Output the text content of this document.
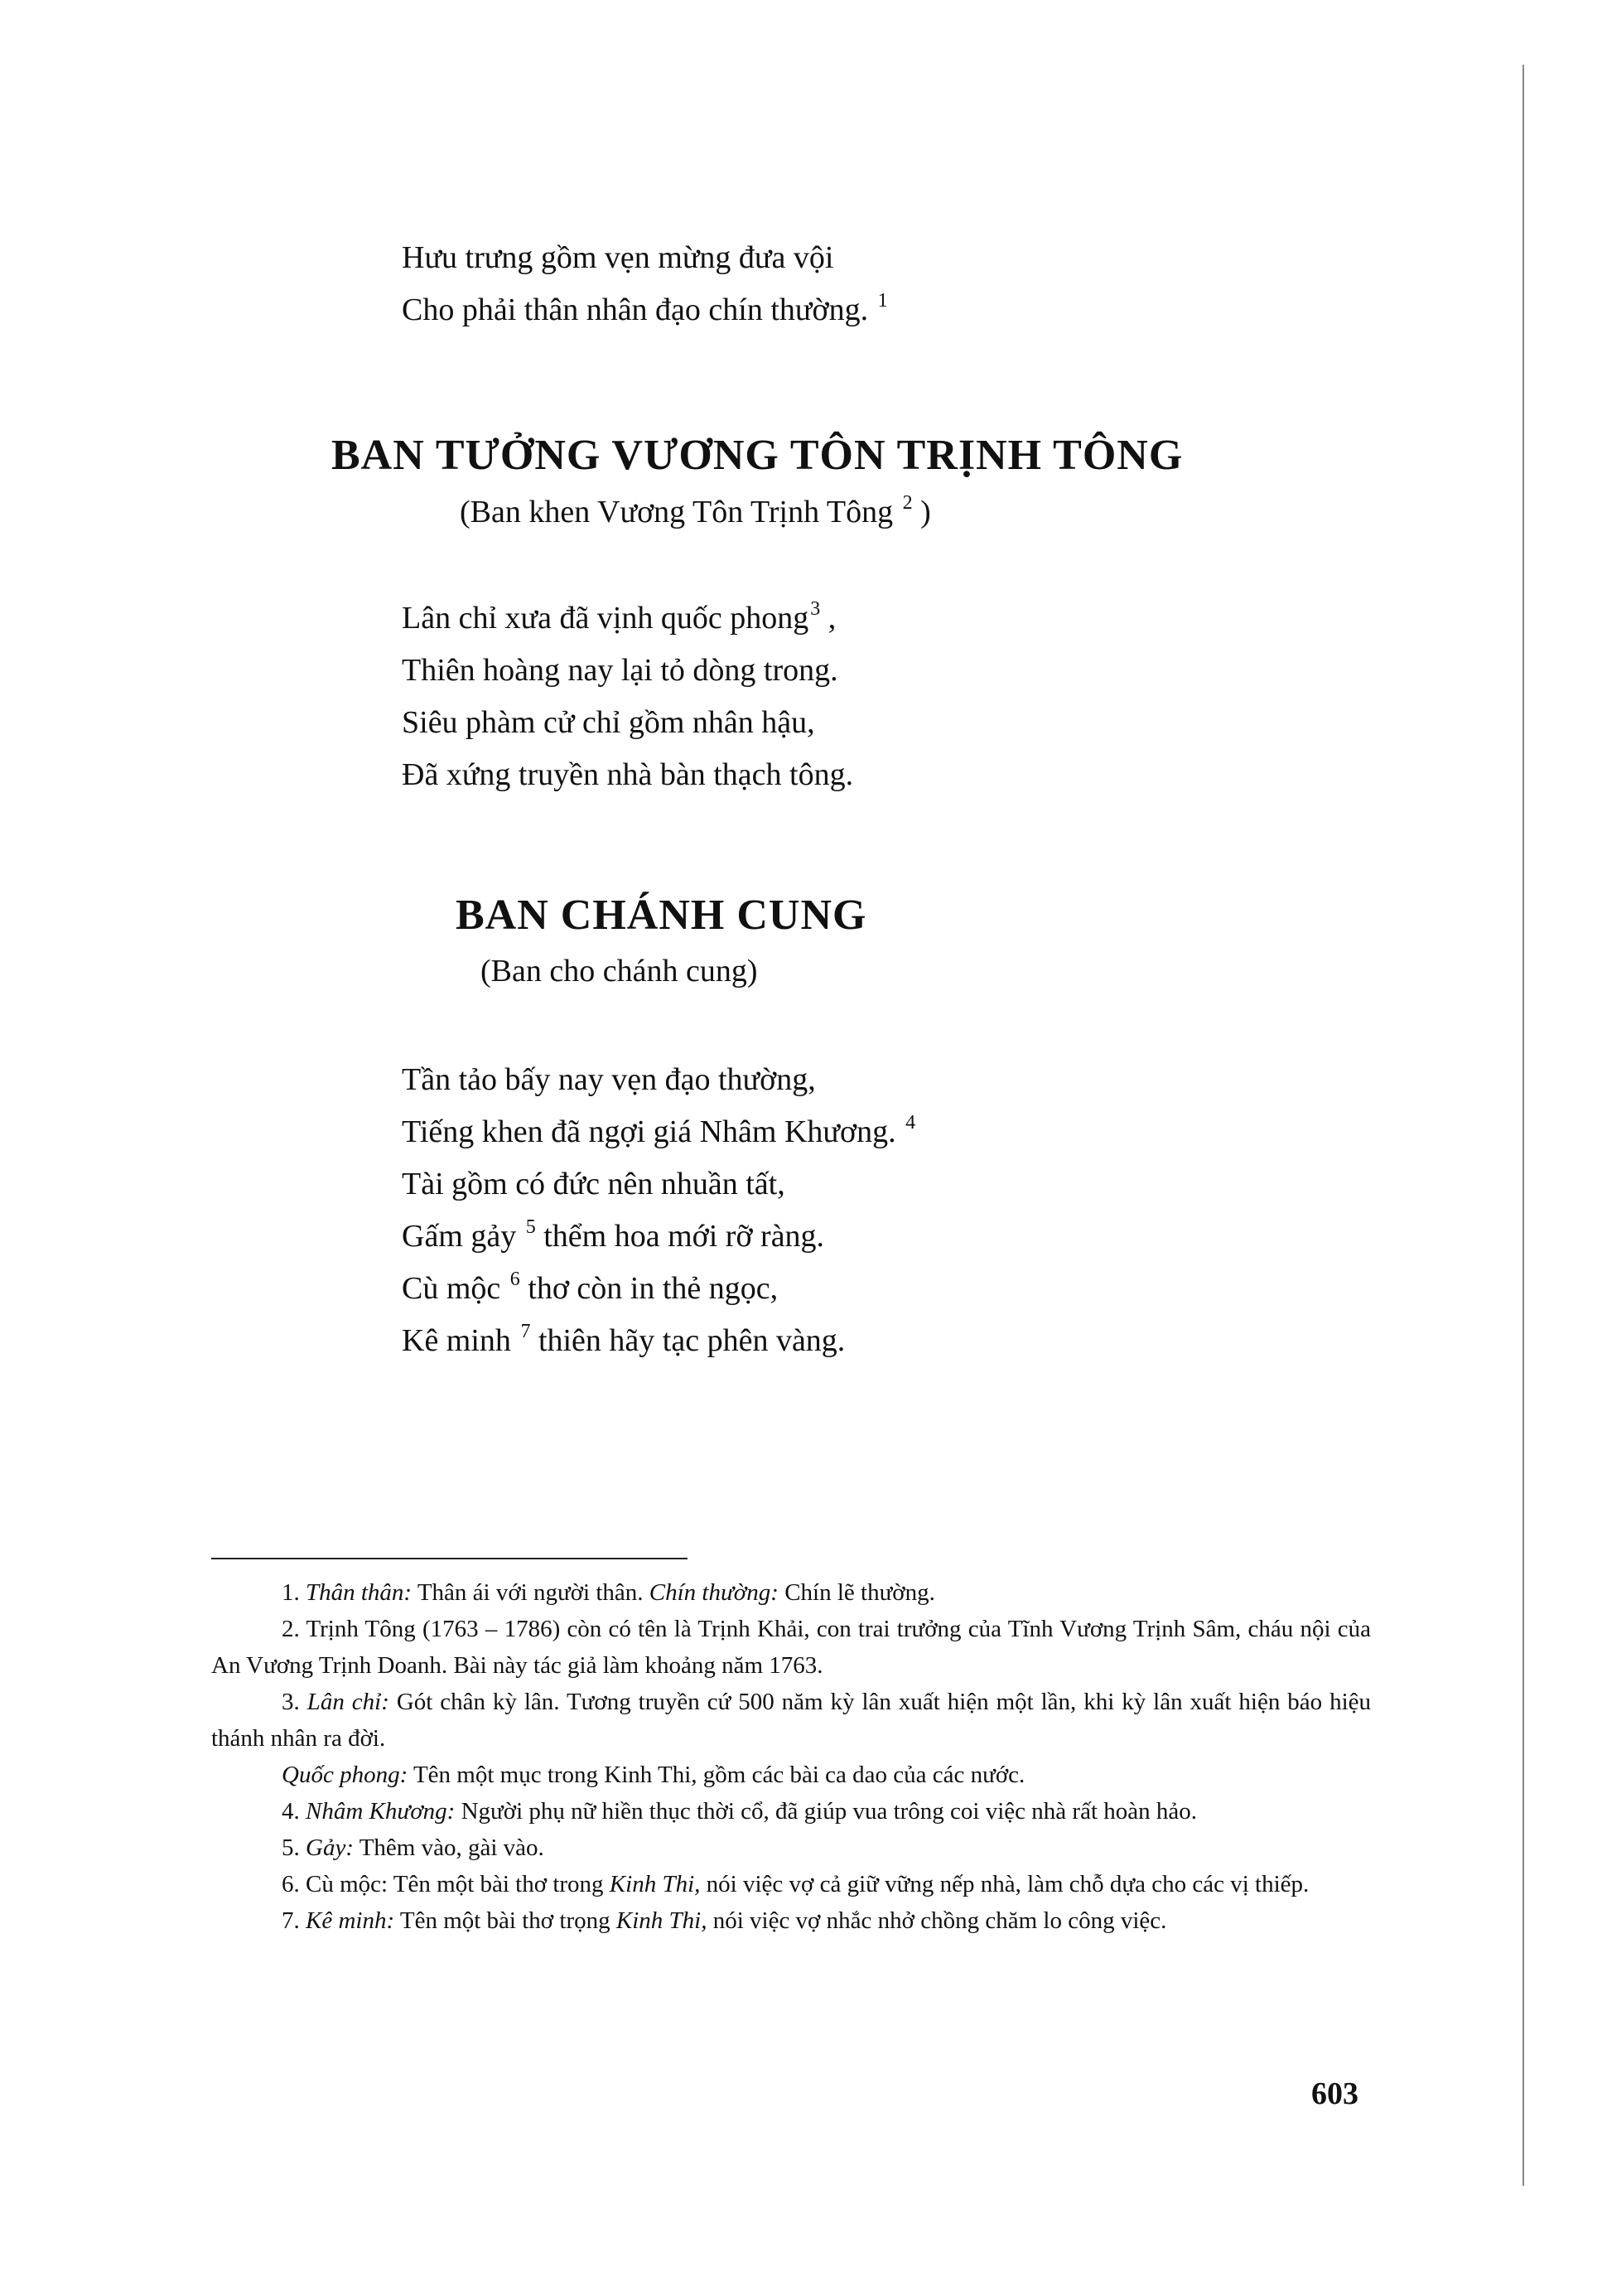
Hưu trưng gồm vẹn mừng đưa vội
Cho phải thân nhân đạo chín thường. $^1$
BAN TƯỞNG VƯƠNG TÔN TRỊNH TÔNG
(Ban khen Vương Tôn Trịnh Tông $^2$ )
Lân chỉ xưa đã vịnh quốc phong$^3$ ,
Thiên hoàng nay lại tỏ dòng trong.
Siêu phàm cử chỉ gồm nhân hậu,
Đã xứng truyền nhà bàn thạch tông.
BAN CHÁNH CUNG
(Ban cho chánh cung)
Tần tảo bấy nay vẹn đạo thường,
Tiếng khen đã ngợi giá Nhâm Khương. $^4$
Tài gồm có đức nên nhuần tất,
Gấm gảy $^5$ thểm hoa mới rỡ ràng.
Cù mộc $^6$ thơ còn in thẻ ngọc,
Kê minh $^7$ thiên hãy tạc phên vàng.

1. Thân thân: Thân ái với người thân. Chín thường: Chín lẽ thường.

2. Trịnh Tông (1763 – 1786) còn có tên là Trịnh Khải, con trai trưởng của Tĩnh Vương Trịnh Sâm, cháu nội của An Vương Trịnh Doanh. Bài này tác giả làm khoảng năm 1763.

3. Lân chỉ: Gót chân kỳ lân. Tương truyền cứ 500 năm kỳ lân xuất hiện một lần, khi kỳ lân xuất hiện báo hiệu thánh nhân ra đời.

Quốc phong: Tên một mục trong Kinh Thi, gồm các bài ca dao của các nước.

4. Nhâm Khương: Người phụ nữ hiền thục thời cổ, đã giúp vua trông coi việc nhà rất hoàn hảo.

5. Gảy: Thêm vào, gài vào.

6. Cù mộc: Tên một bài thơ trong Kinh Thi, nói việc vợ cả giữ vững nếp nhà, làm chỗ dựa cho các vị thiếp.

7. Kê minh: Tên một bài thơ trọng Kinh Thi, nói việc vợ nhắc nhở chồng chăm lo công việc.

603
